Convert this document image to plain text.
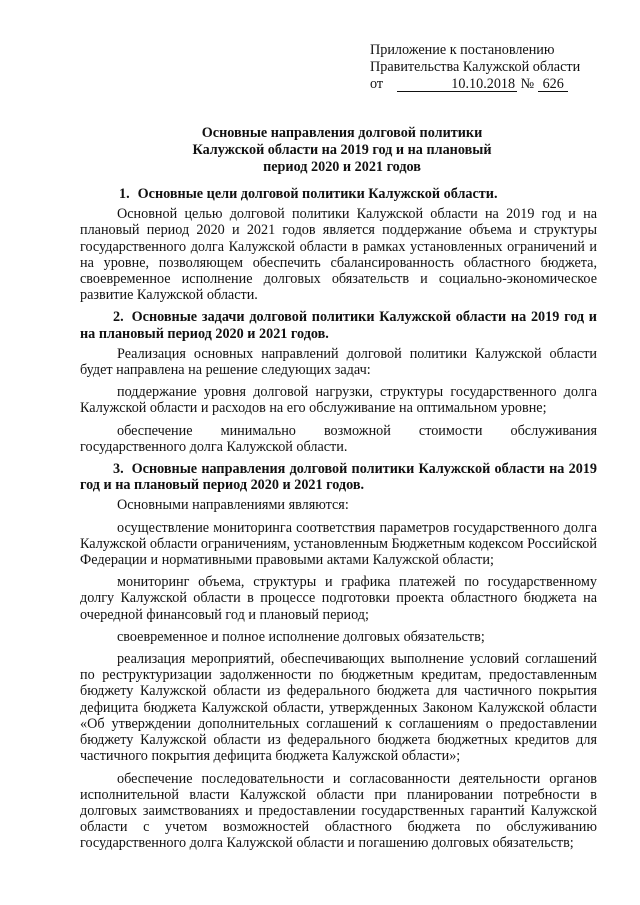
Приложение к постановлению
Правительства Калужской области
от	10.10.2018 № 626
Основные направления долговой политики
Калужской области на 2019 год и на плановый
период 2020 и 2021 годов
1. Основные цели долговой политики Калужской области.

Основной целью долговой политики Калужской области на 2019 год и на плановый период 2020 и 2021 годов является поддержание объема и структуры государственного долга Калужской области в рамках установленных ограничений и на уровне, позволяющем обеспечить сбалансированность областного бюджета, своевременное исполнение долговых обязательств и социально-экономическое развитие Калужской области.

2. Основные задачи долговой политики Калужской области на 2019 год и на плановый период 2020 и 2021 годов.

Реализация основных направлений долговой политики Калужской области будет направлена на решение следующих задач:

поддержание уровня долговой нагрузки, структуры государственного долга Калужской области и расходов на его обслуживание на оптимальном уровне;

обеспечение минимально возможной стоимости обслуживания государственного долга Калужской области.

3. Основные направления долговой политики Калужской области на 2019 год и на плановый период 2020 и 2021 годов.

Основными направлениями являются:

осуществление мониторинга соответствия параметров государственного долга Калужской области ограничениям, установленным Бюджетным кодексом Российской Федерации и нормативными правовыми актами Калужской области;

мониторинг объема, структуры и графика платежей по государственному долгу Калужской области в процессе подготовки проекта областного бюджета на очередной финансовый год и плановый период;

своевременное и полное исполнение долговых обязательств;

реализация мероприятий, обеспечивающих выполнение условий соглашений по реструктуризации задолженности по бюджетным кредитам, предоставленным бюджету Калужской области из федерального бюджета для частичного покрытия дефицита бюджета Калужской области, утвержденных Законом Калужской области «Об утверждении дополнительных соглашений к соглашениям о предоставлении бюджету Калужской области из федерального бюджета бюджетных кредитов для частичного покрытия дефицита бюджета Калужской области»;

обеспечение последовательности и согласованности деятельности органов исполнительной власти Калужской области при планировании потребности в долговых заимствованиях и предоставлении государственных гарантий Калужской области с учетом возможностей областного бюджета по обслуживанию государственного долга Калужской области и погашению долговых обязательств;
